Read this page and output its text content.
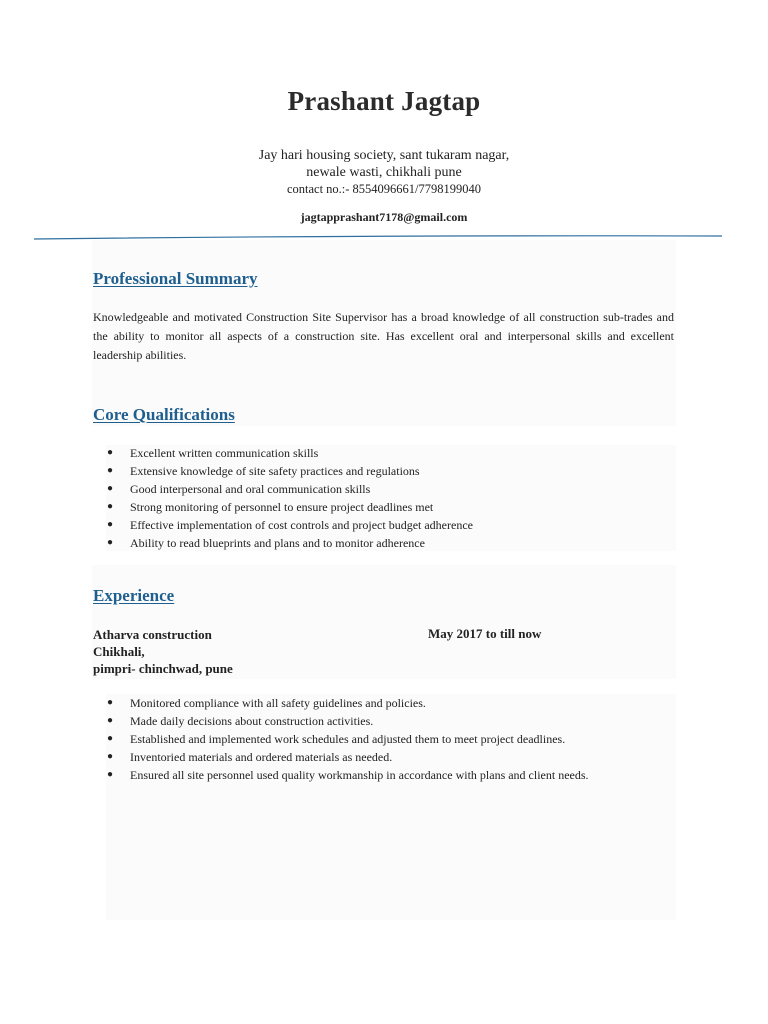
Prashant Jagtap
Jay hari housing society, sant tukaram nagar,
newale wasti, chikhali pune
contact no.:- 8554096661/7798199040
jagtapprashant7178@gmail.com
Professional Summary
Knowledgeable and motivated Construction Site Supervisor has a broad knowledge of all construction sub-trades and the ability to monitor all aspects of a construction site. Has excellent oral and interpersonal skills and excellent leadership abilities.
Core Qualifications
● Excellent written communication skills
● Extensive knowledge of site safety practices and regulations
● Good interpersonal and oral communication skills
● Strong monitoring of personnel to ensure project deadlines met
● Effective implementation of cost controls and project budget adherence
● Ability to read blueprints and plans and to monitor adherence
Experience
Atharva construction
Chikhali,
pimpri- chinchwad, pune
May 2017 to till now
● Monitored compliance with all safety guidelines and policies.
● Made daily decisions about construction activities.
● Established and implemented work schedules and adjusted them to meet project deadlines.
● Inventoried materials and ordered materials as needed.
● Ensured all site personnel used quality workmanship in accordance with plans and client needs.
